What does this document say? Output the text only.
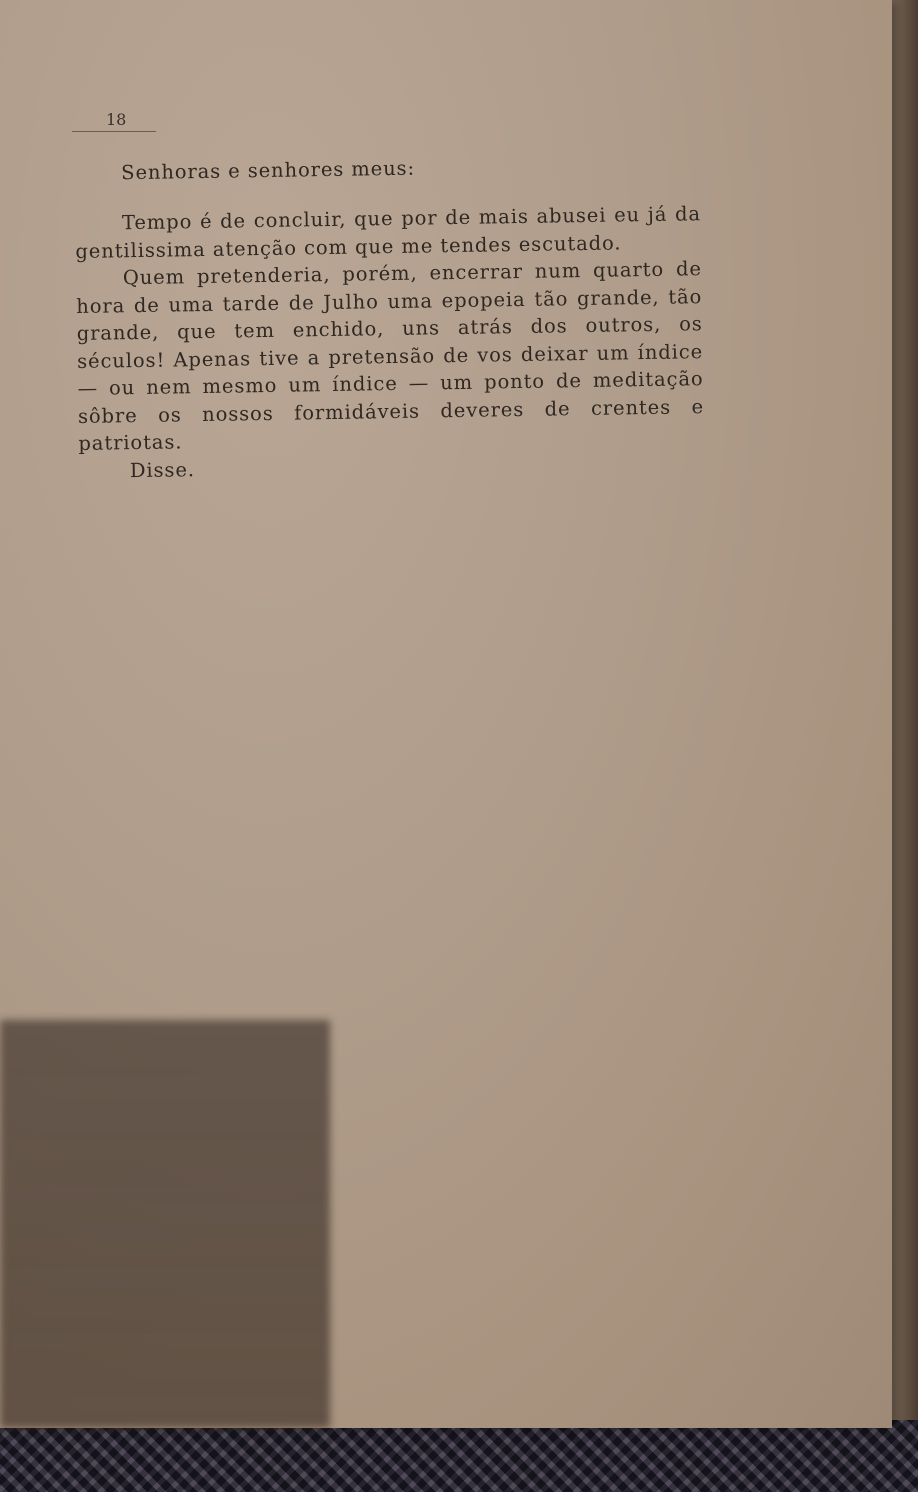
18

Senhoras e senhores meus:

Tempo é de concluir, que por de mais abusei eu já da gentilissima atenção com que me tendes escutado.

Quem pretenderia, porém, encerrar num quarto de hora de uma tarde de Julho uma epopeia tão grande, tão grande, que tem enchido, uns atrás dos outros, os séculos! Apenas tive a pretensão de vos deixar um índice — ou nem mesmo um índice — um ponto de meditação sôbre os nossos formidáveis deveres de crentes e patriotas.

Disse.
